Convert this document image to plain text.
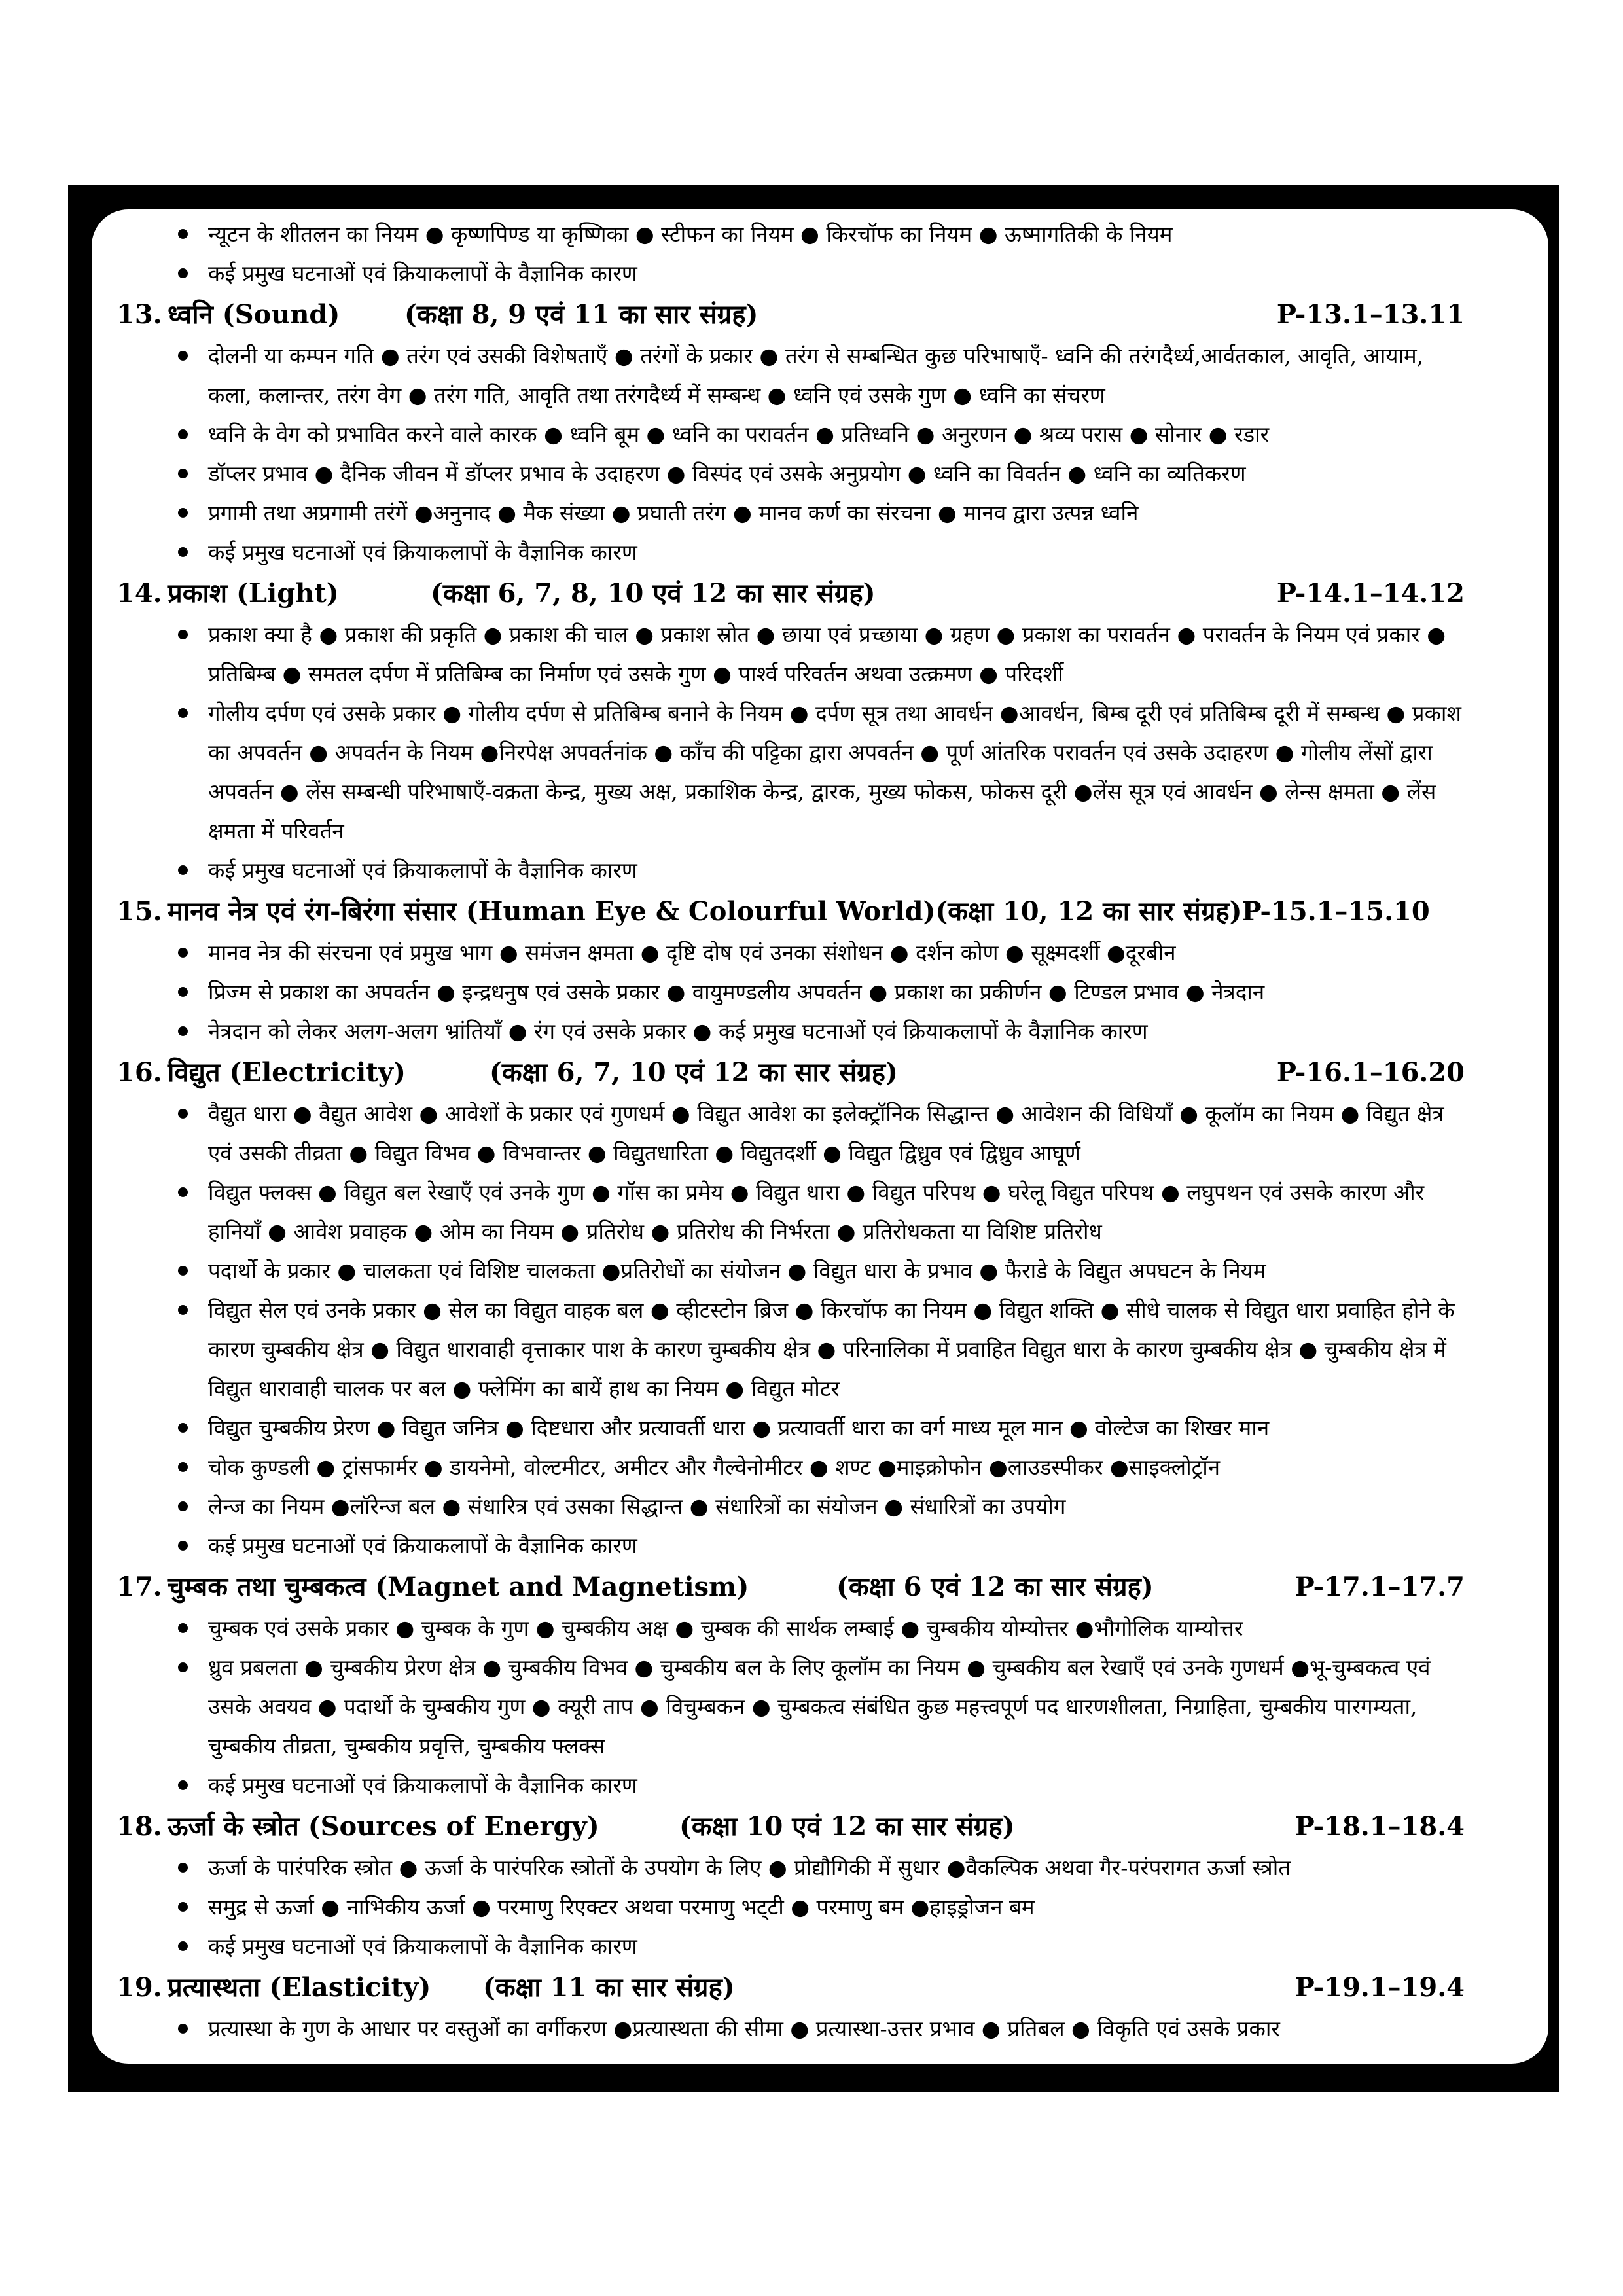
न्यूटन के शीतलन का नियम ● कृष्णपिण्ड या कृष्णिका ● स्टीफन का नियम ● किरचॉफ का नियम ● ऊष्मागतिकी के नियम
कई प्रमुख घटनाओं एवं क्रियाकलापों के वैज्ञानिक कारण
13. ध्वनि (Sound) (कक्षा 8, 9 एवं 11 का सार संग्रह)	P-13.1–13.11
दोलनी या कम्पन गति ● तरंग एवं उसकी विशेषताएँ ● तरंगों के प्रकार ● तरंग से सम्बन्धित कुछ परिभाषाएँ- ध्वनि की तरंगदैर्ध्य,आर्वतकाल, आवृति, आयाम, कला, कलान्तर, तरंग वेग ● तरंग गति, आवृति तथा तरंगदैर्ध्य में सम्बन्ध ● ध्वनि एवं उसके गुण ● ध्वनि का संचरण
ध्वनि के वेग को प्रभावित करने वाले कारक ● ध्वनि बूम ● ध्वनि का परावर्तन ● प्रतिध्वनि ● अनुरणन ● श्रव्य परास ● सोनार ● रडार
डॉप्लर प्रभाव ● दैनिक जीवन में डॉप्लर प्रभाव के उदाहरण ● विस्पंद एवं उसके अनुप्रयोग ● ध्वनि का विवर्तन ● ध्वनि का व्यतिकरण
प्रगामी तथा अप्रगामी तरंगें ●अनुनाद ● मैक संख्या ● प्रघाती तरंग ● मानव कर्ण का संरचना ● मानव द्वारा उत्पन्न ध्वनि
कई प्रमुख घटनाओं एवं क्रियाकलापों के वैज्ञानिक कारण
14. प्रकाश (Light)	(कक्षा 6, 7, 8, 10 एवं 12 का सार संग्रह)	P-14.1–14.12
प्रकाश क्या है ● प्रकाश की प्रकृति ● प्रकाश की चाल ● प्रकाश स्रोत ● छाया एवं प्रच्छाया ● ग्रहण ● प्रकाश का परावर्तन ● परावर्तन के नियम एवं प्रकार ● प्रतिबिम्ब ● समतल दर्पण में प्रतिबिम्ब का निर्माण एवं उसके गुण ● पार्श्व परिवर्तन अथवा उत्क्रमण ● परिदर्शी
गोलीय दर्पण एवं उसके प्रकार ● गोलीय दर्पण से प्रतिबिम्ब बनाने के नियम ● दर्पण सूत्र तथा आवर्धन ●आवर्धन, बिम्ब दूरी एवं प्रतिबिम्ब दूरी में सम्बन्ध ● प्रकाश का अपवर्तन ● अपवर्तन के नियम ●निरपेक्ष अपवर्तनांक ● काँच की पट्टिका द्वारा अपवर्तन ● पूर्ण आंतरिक परावर्तन एवं उसके उदाहरण ● गोलीय लेंसों द्वारा अपवर्तन ● लेंस सम्बन्धी परिभाषाएँ-वक्रता केन्द्र, मुख्य अक्ष, प्रकाशिक केन्द्र, द्वारक, मुख्य फोकस, फोकस दूरी ●लेंस सूत्र एवं आवर्धन ● लेन्स क्षमता ● लेंस क्षमता में परिवर्तन
कई प्रमुख घटनाओं एवं क्रियाकलापों के वैज्ञानिक कारण
15. मानव नेत्र एवं रंग-बिरंगा संसार (Human Eye & Colourful World)(कक्षा 10, 12 का सार संग्रह)P-15.1–15.10
मानव नेत्र की संरचना एवं प्रमुख भाग ● समंजन क्षमता ● दृष्टि दोष एवं उनका संशोधन ● दर्शन कोण ● सूक्ष्मदर्शी ●दूरबीन
प्रिज्म से प्रकाश का अपवर्तन ● इन्द्रधनुष एवं उसके प्रकार ● वायुमण्डलीय अपवर्तन ● प्रकाश का प्रकीर्णन ● टिण्डल प्रभाव ● नेत्रदान
नेत्रदान को लेकर अलग-अलग भ्रांतियाँ ● रंग एवं उसके प्रकार ● कई प्रमुख घटनाओं एवं क्रियाकलापों के वैज्ञानिक कारण
16. विद्युत (Electricity)	(कक्षा 6, 7, 10 एवं 12 का सार संग्रह)	P-16.1–16.20
वैद्युत धारा ● वैद्युत आवेश ● आवेशों के प्रकार एवं गुणधर्म ● विद्युत आवेश का इलेक्ट्रॉनिक सिद्धान्त ● आवेशन की विधियाँ ● कूलॉम का नियम ● विद्युत क्षेत्र एवं उसकी तीव्रता ● विद्युत विभव ● विभवान्तर ● विद्युतधारिता ● विद्युतदर्शी ● विद्युत द्विध्रुव एवं द्विध्रुव आघूर्ण
विद्युत फ्लक्स ● विद्युत बल रेखाएँ एवं उनके गुण ● गॉस का प्रमेय ● विद्युत धारा ● विद्युत परिपथ ● घरेलू विद्युत परिपथ ● लघुपथन एवं उसके कारण और हानियाँ ● आवेश प्रवाहक ● ओम का नियम ● प्रतिरोध ● प्रतिरोध की निर्भरता ● प्रतिरोधकता या विशिष्ट प्रतिरोध
पदार्थो के प्रकार ● चालकता एवं विशिष्ट चालकता ●प्रतिरोधों का संयोजन ● विद्युत धारा के प्रभाव ● फैराडे के विद्युत अपघटन के नियम
विद्युत सेल एवं उनके प्रकार ● सेल का विद्युत वाहक बल ● व्हीटस्टोन ब्रिज ● किरचॉफ का नियम ● विद्युत शक्ति ● सीधे चालक से विद्युत धारा प्रवाहित होने के कारण चुम्बकीय क्षेत्र ● विद्युत धारावाही वृत्ताकार पाश के कारण चुम्बकीय क्षेत्र ● परिनालिका में प्रवाहित विद्युत धारा के कारण चुम्बकीय क्षेत्र ● चुम्बकीय क्षेत्र में विद्युत धारावाही चालक पर बल ● फ्लेमिंग का बायें हाथ का नियम ● विद्युत मोटर
विद्युत चुम्बकीय प्रेरण ● विद्युत जनित्र ● दिष्टधारा और प्रत्यावर्ती धारा ● प्रत्यावर्ती धारा का वर्ग माध्य मूल मान ● वोल्टेज का शिखर मान
चोक कुण्डली ● ट्रांसफार्मर ● डायनेमो, वोल्टमीटर, अमीटर और गैल्वेनोमीटर ● शण्ट ●माइक्रोफोन ●लाउडस्पीकर ●साइक्लोट्रॉन
लेन्ज का नियम ●लॉरेन्ज बल ● संधारित्र एवं उसका सिद्धान्त ● संधारित्रों का संयोजन ● संधारित्रों का उपयोग
कई प्रमुख घटनाओं एवं क्रियाकलापों के वैज्ञानिक कारण
17. चुम्बक तथा चुम्बकत्व (Magnet and Magnetism)	(कक्षा 6 एवं 12 का सार संग्रह)	P-17.1–17.7
चुम्बक एवं उसके प्रकार ● चुम्बक के गुण ● चुम्बकीय अक्ष ● चुम्बक की सार्थक लम्बाई ● चुम्बकीय योम्योत्तर ●भौगोलिक याम्योत्तर
ध्रुव प्रबलता ● चुम्बकीय प्रेरण क्षेत्र ● चुम्बकीय विभव ● चुम्बकीय बल के लिए कूलॉम का नियम ● चुम्बकीय बल रेखाएँ एवं उनके गुणधर्म ●भू-चुम्बकत्व एवं उसके अवयव ● पदार्थो के चुम्बकीय गुण ● क्यूरी ताप ● विचुम्बकन ● चुम्बकत्व संबंधित कुछ महत्त्वपूर्ण पद धारणशीलता, निग्राहिता, चुम्बकीय पारगम्यता, चुम्बकीय तीव्रता, चुम्बकीय प्रवृत्ति, चुम्बकीय फ्लक्स
कई प्रमुख घटनाओं एवं क्रियाकलापों के वैज्ञानिक कारण
18. ऊर्जा के स्त्रोत (Sources of Energy)	(कक्षा 10 एवं 12 का सार संग्रह)	P-18.1–18.4
ऊर्जा के पारंपरिक स्त्रोत ● ऊर्जा के पारंपरिक स्त्रोतों के उपयोग के लिए ● प्रोद्यौगिकी में सुधार ●वैकल्पिक अथवा गैर-परंपरागत ऊर्जा स्त्रोत
समुद्र से ऊर्जा ● नाभिकीय ऊर्जा ● परमाणु रिएक्टर अथवा परमाणु भट्‌टी ● परमाणु बम ●हाइड्रोजन बम
कई प्रमुख घटनाओं एवं क्रियाकलापों के वैज्ञानिक कारण
19. प्रत्यास्थता (Elasticity) (कक्षा 11 का सार संग्रह)	P-19.1–19.4
प्रत्यास्था के गुण के आधार पर वस्तुओं का वर्गीकरण ●प्रत्यास्थता की सीमा ● प्रत्यास्था-उत्तर प्रभाव ● प्रतिबल ● विकृति एवं उसके प्रकार
